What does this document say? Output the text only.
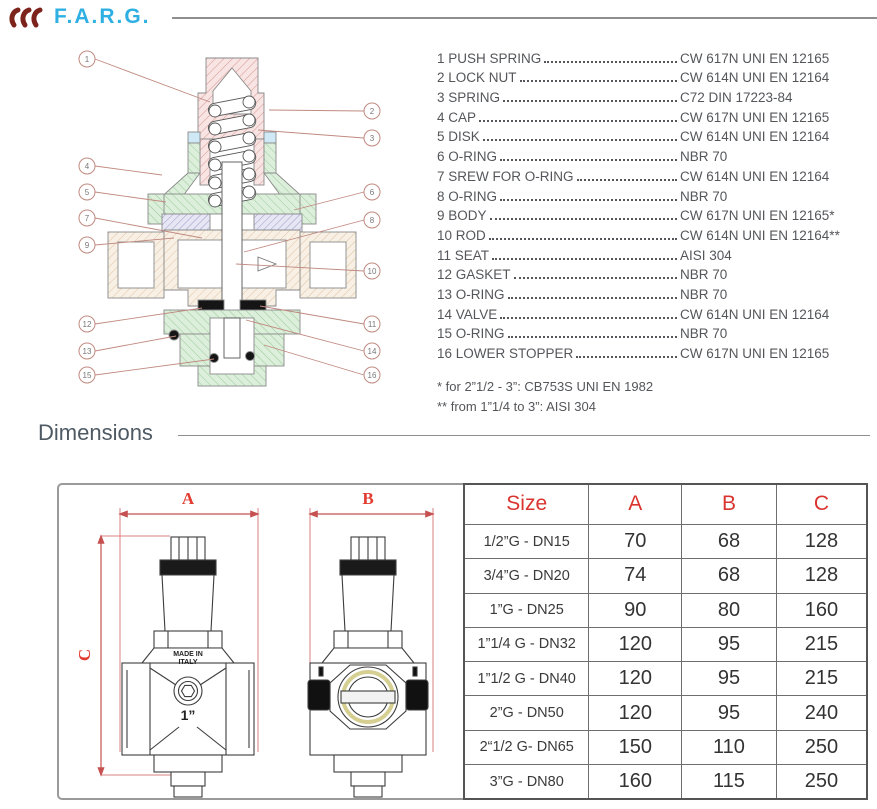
F.A.R.G.
1
2
3
4
5	6
7	8
9
10
11
12
13	14
15	16
1 PUSH SPRING	CW 617N UNI EN 12165
2 LOCK NUT	CW 614N UNI EN 12164
3 SPRING	C72 DIN 17223-84
4 CAP	CW 617N UNI EN 12165
5 DISK	CW 614N UNI EN 12164
6 O-RING	NBR 70
7 SREW FOR O-RING	CW 614N UNI EN 12164
8 O-RING	NBR 70
9 BODY	CW 617N UNI EN 12165*
10 ROD	CW 614N UNI EN 12164**
11 SEAT	AISI 304
12 GASKET	NBR 70
13 O-RING	NBR 70
14 VALVE	CW 614N UNI EN 12164
15 O-RING	NBR 70
16 LOWER STOPPER	CW 617N UNI EN 12165
* for 2”1/2 - 3”: CB753S UNI EN 1982
** from 1”1/4 to 3”: AISI 304
Dimensions
A	B
C	MADE IN
ITALY
1”
Size	A	B	C
1/2”G - DN15	70	68	128
3/4”G - DN20	74	68	128
1”G - DN25	90	80	160
1”1/4 G - DN32	120	95	215
1”1/2 G - DN40	120	95	215
2”G - DN50	120	95	240
2“1/2 G- DN65	150	110	250
3”G - DN80	160	115	250
